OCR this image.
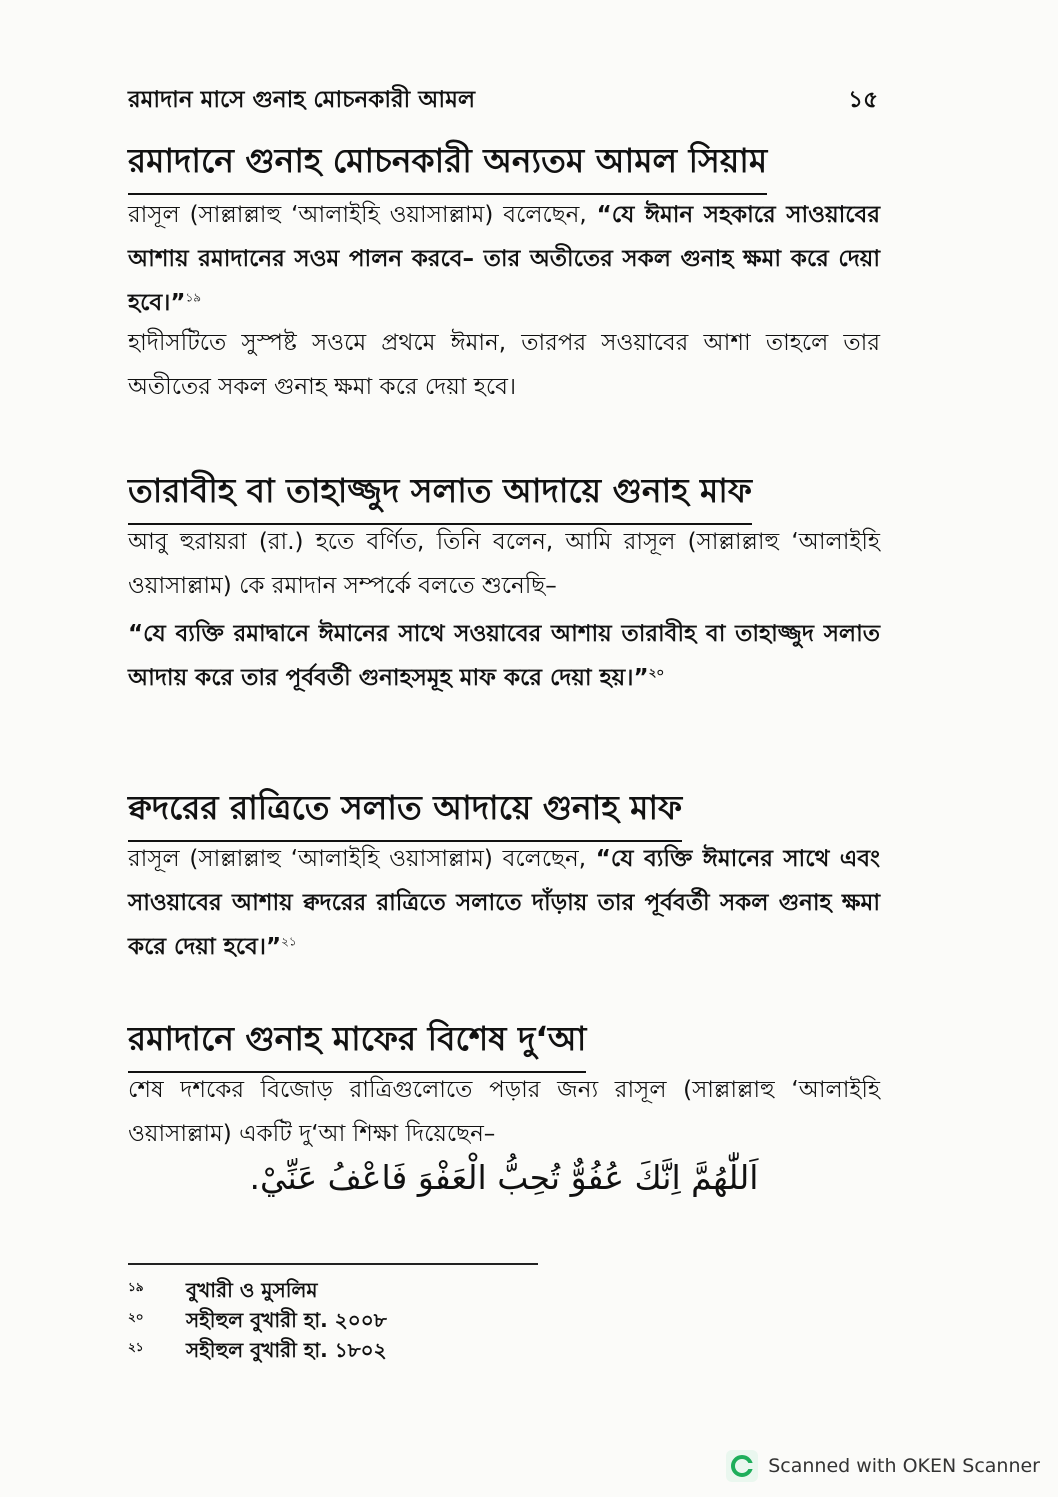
রমাদান মাসে গুনাহ মোচনকারী আমল	১৫
রমাদানে গুনাহ মোচনকারী অন্যতম আমল সিয়াম

রাসূল (সাল্লাল্লাহু ‘আলাইহি ওয়াসাল্লাম) বলেছেন, “যে ঈমান সহকারে সাওয়াবের আশায় রমাদানের সওম পালন করবে– তার অতীতের সকল গুনাহ ক্ষমা করে দেয়া হবে।”$^{১৯}$

হাদীসটিতে সুস্পষ্ট সওমে প্রথমে ঈমান, তারপর সওয়াবের আশা তাহলে তার অতীতের সকল গুনাহ ক্ষমা করে দেয়া হবে।

তারাবীহ বা তাহাজ্জুদ সলাত আদায়ে গুনাহ মাফ

আবু হুরায়রা (রা.) হতে বর্ণিত, তিনি বলেন, আমি রাসূল (সাল্লাল্লাহু ‘আলাইহি ওয়াসাল্লাম) কে রমাদান সম্পর্কে বলতে শুনেছি–

“যে ব্যক্তি রমাদ্বানে ঈমানের সাথে সওয়াবের আশায় তারাবীহ বা তাহাজ্জুদ সলাত আদায় করে তার পূর্ববর্তী গুনাহসমূহ মাফ করে দেয়া হয়।”$^{২০}$

ক্বদরের রাত্রিতে সলাত আদায়ে গুনাহ মাফ

রাসূল (সাল্লাল্লাহু ‘আলাইহি ওয়াসাল্লাম) বলেছেন, “যে ব্যক্তি ঈমানের সাথে এবং সাওয়াবের আশায় ক্বদরের রাত্রিতে সলাতে দাঁড়ায় তার পূর্ববর্তী সকল গুনাহ ক্ষমা করে দেয়া হবে।”$^{২১}$

রমাদানে গুনাহ মাফের বিশেষ দু‘আ

শেষ দশকের বিজোড় রাত্রিগুলোতে পড়ার জন্য রাসূল (সাল্লাল্লাহু ‘আলাইহি ওয়াসাল্লাম) একটি দু‘আ শিক্ষা দিয়েছেন–

اَللّٰهُمَّ اِنَّكَ عُفُوٌّ تُحِبُّ الْعَفْوَ فَاعْفُ عَنِّيْ.
১৯	বুখারী ও মুসলিম
২০	সহীহুল বুখারী হা. ২০০৮
২১	সহীহুল বুখারী হা. ১৮০২
Scanned with OKEN Scanner
